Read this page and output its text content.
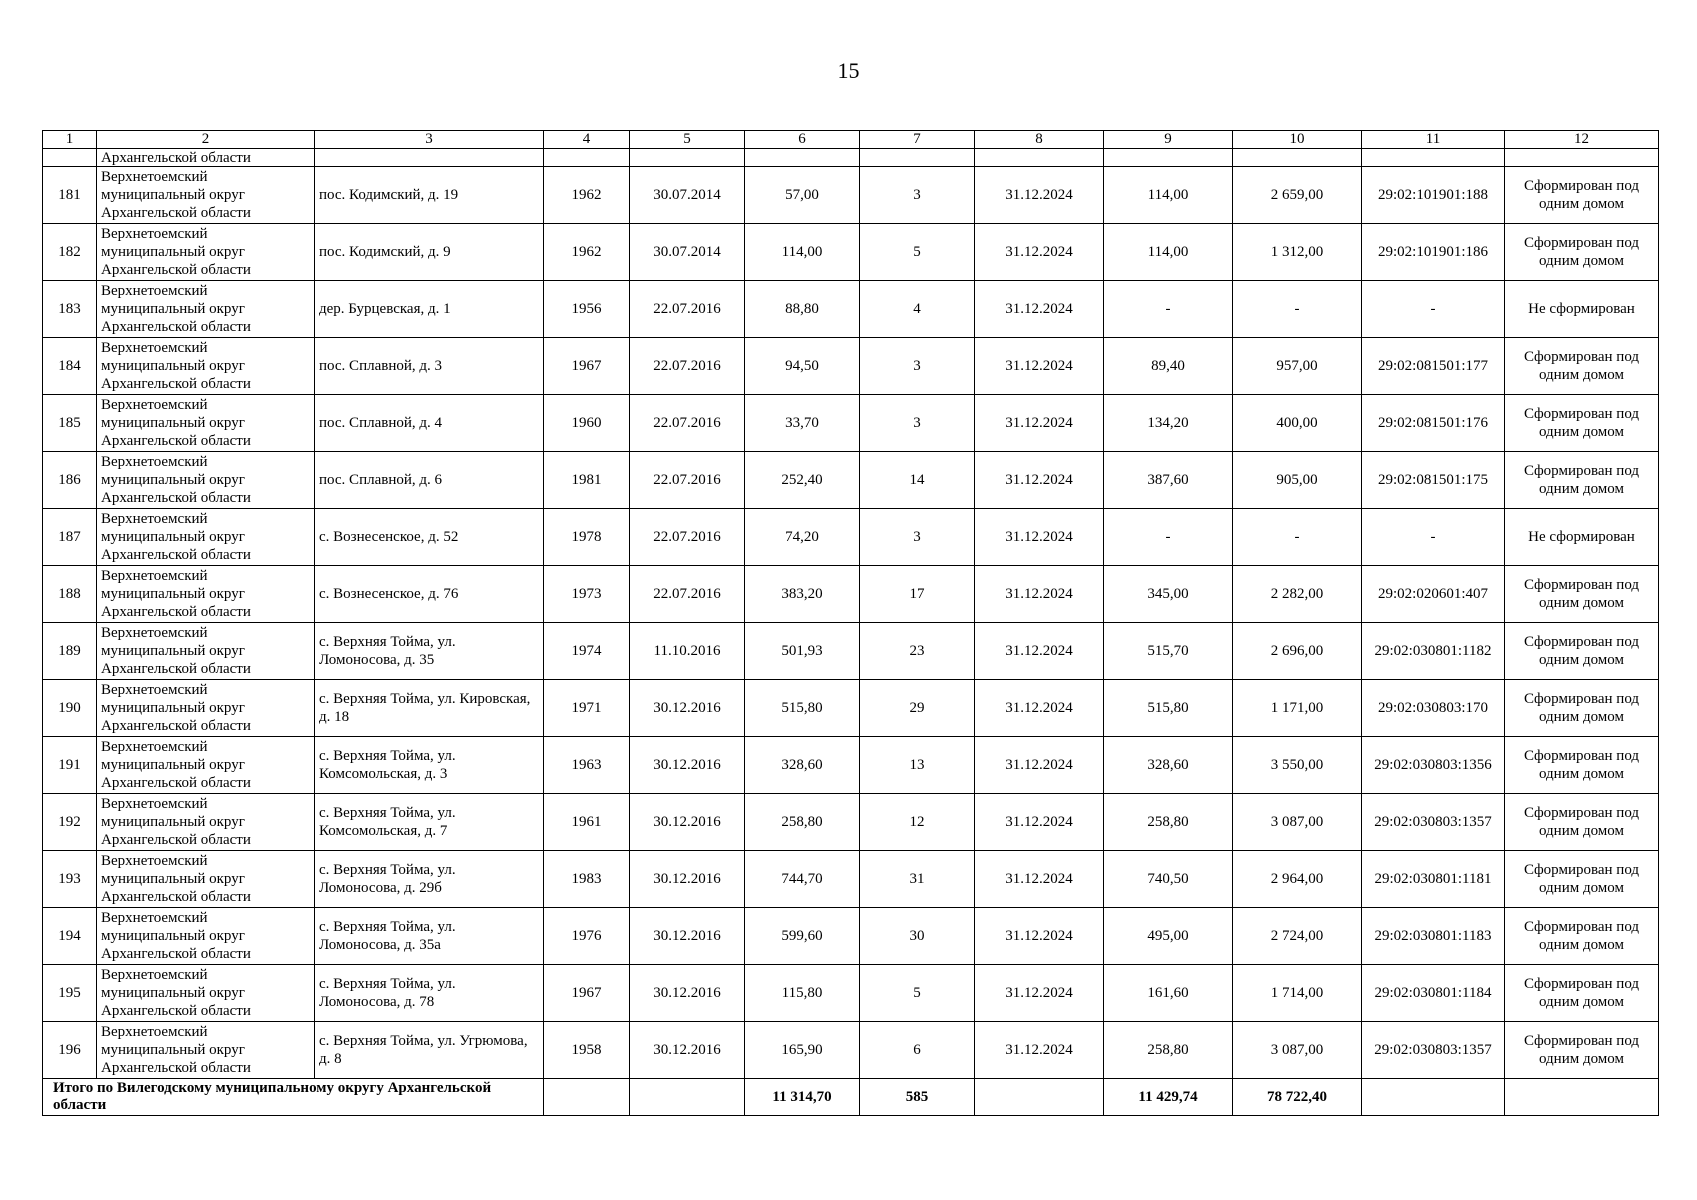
15
1	2	3	4	5	6	7	8	9	10	11	12
	Архангельской области										
181	Верхнетоемский муниципальный округ Архангельской области	пос. Кодимский, д. 19	1962	30.07.2014	57,00	3	31.12.2024	114,00	2 659,00	29:02:101901:188	Сформирован под одним домом
182	Верхнетоемский муниципальный округ Архангельской области	пос. Кодимский, д. 9	1962	30.07.2014	114,00	5	31.12.2024	114,00	1 312,00	29:02:101901:186	Сформирован под одним домом
183	Верхнетоемский муниципальный округ Архангельской области	дер. Бурцевская, д. 1	1956	22.07.2016	88,80	4	31.12.2024	-	-	-	Не сформирован
184	Верхнетоемский муниципальный округ Архангельской области	пос. Сплавной, д. 3	1967	22.07.2016	94,50	3	31.12.2024	89,40	957,00	29:02:081501:177	Сформирован под одним домом
185	Верхнетоемский муниципальный округ Архангельской области	пос. Сплавной, д. 4	1960	22.07.2016	33,70	3	31.12.2024	134,20	400,00	29:02:081501:176	Сформирован под одним домом
186	Верхнетоемский муниципальный округ Архангельской области	пос. Сплавной, д. 6	1981	22.07.2016	252,40	14	31.12.2024	387,60	905,00	29:02:081501:175	Сформирован под одним домом
187	Верхнетоемский муниципальный округ Архангельской области	с. Вознесенское, д. 52	1978	22.07.2016	74,20	3	31.12.2024	-	-	-	Не сформирован
188	Верхнетоемский муниципальный округ Архангельской области	с. Вознесенское, д. 76	1973	22.07.2016	383,20	17	31.12.2024	345,00	2 282,00	29:02:020601:407	Сформирован под одним домом
189	Верхнетоемский муниципальный округ Архангельской области	с. Верхняя Тойма, ул. Ломоносова, д. 35	1974	11.10.2016	501,93	23	31.12.2024	515,70	2 696,00	29:02:030801:1182	Сформирован под одним домом
190	Верхнетоемский муниципальный округ Архангельской области	с. Верхняя Тойма, ул. Кировская, д. 18	1971	30.12.2016	515,80	29	31.12.2024	515,80	1 171,00	29:02:030803:170	Сформирован под одним домом
191	Верхнетоемский муниципальный округ Архангельской области	с. Верхняя Тойма, ул. Комсомольская, д. 3	1963	30.12.2016	328,60	13	31.12.2024	328,60	3 550,00	29:02:030803:1356	Сформирован под одним домом
192	Верхнетоемский муниципальный округ Архангельской области	с. Верхняя Тойма, ул. Комсомольская, д. 7	1961	30.12.2016	258,80	12	31.12.2024	258,80	3 087,00	29:02:030803:1357	Сформирован под одним домом
193	Верхнетоемский муниципальный округ Архангельской области	с. Верхняя Тойма, ул. Ломоносова, д. 29б	1983	30.12.2016	744,70	31	31.12.2024	740,50	2 964,00	29:02:030801:1181	Сформирован под одним домом
194	Верхнетоемский муниципальный округ Архангельской области	с. Верхняя Тойма, ул. Ломоносова, д. 35а	1976	30.12.2016	599,60	30	31.12.2024	495,00	2 724,00	29:02:030801:1183	Сформирован под одним домом
195	Верхнетоемский муниципальный округ Архангельской области	с. Верхняя Тойма, ул. Ломоносова, д. 78	1967	30.12.2016	115,80	5	31.12.2024	161,60	1 714,00	29:02:030801:1184	Сформирован под одним домом
196	Верхнетоемский муниципальный округ Архангельской области	с. Верхняя Тойма, ул. Угрюмова, д. 8	1958	30.12.2016	165,90	6	31.12.2024	258,80	3 087,00	29:02:030803:1357	Сформирован под одним домом
Итого по Вилегодскому муниципальному округу Архангельской области					11 314,70	585		11 429,74	78 722,40		
